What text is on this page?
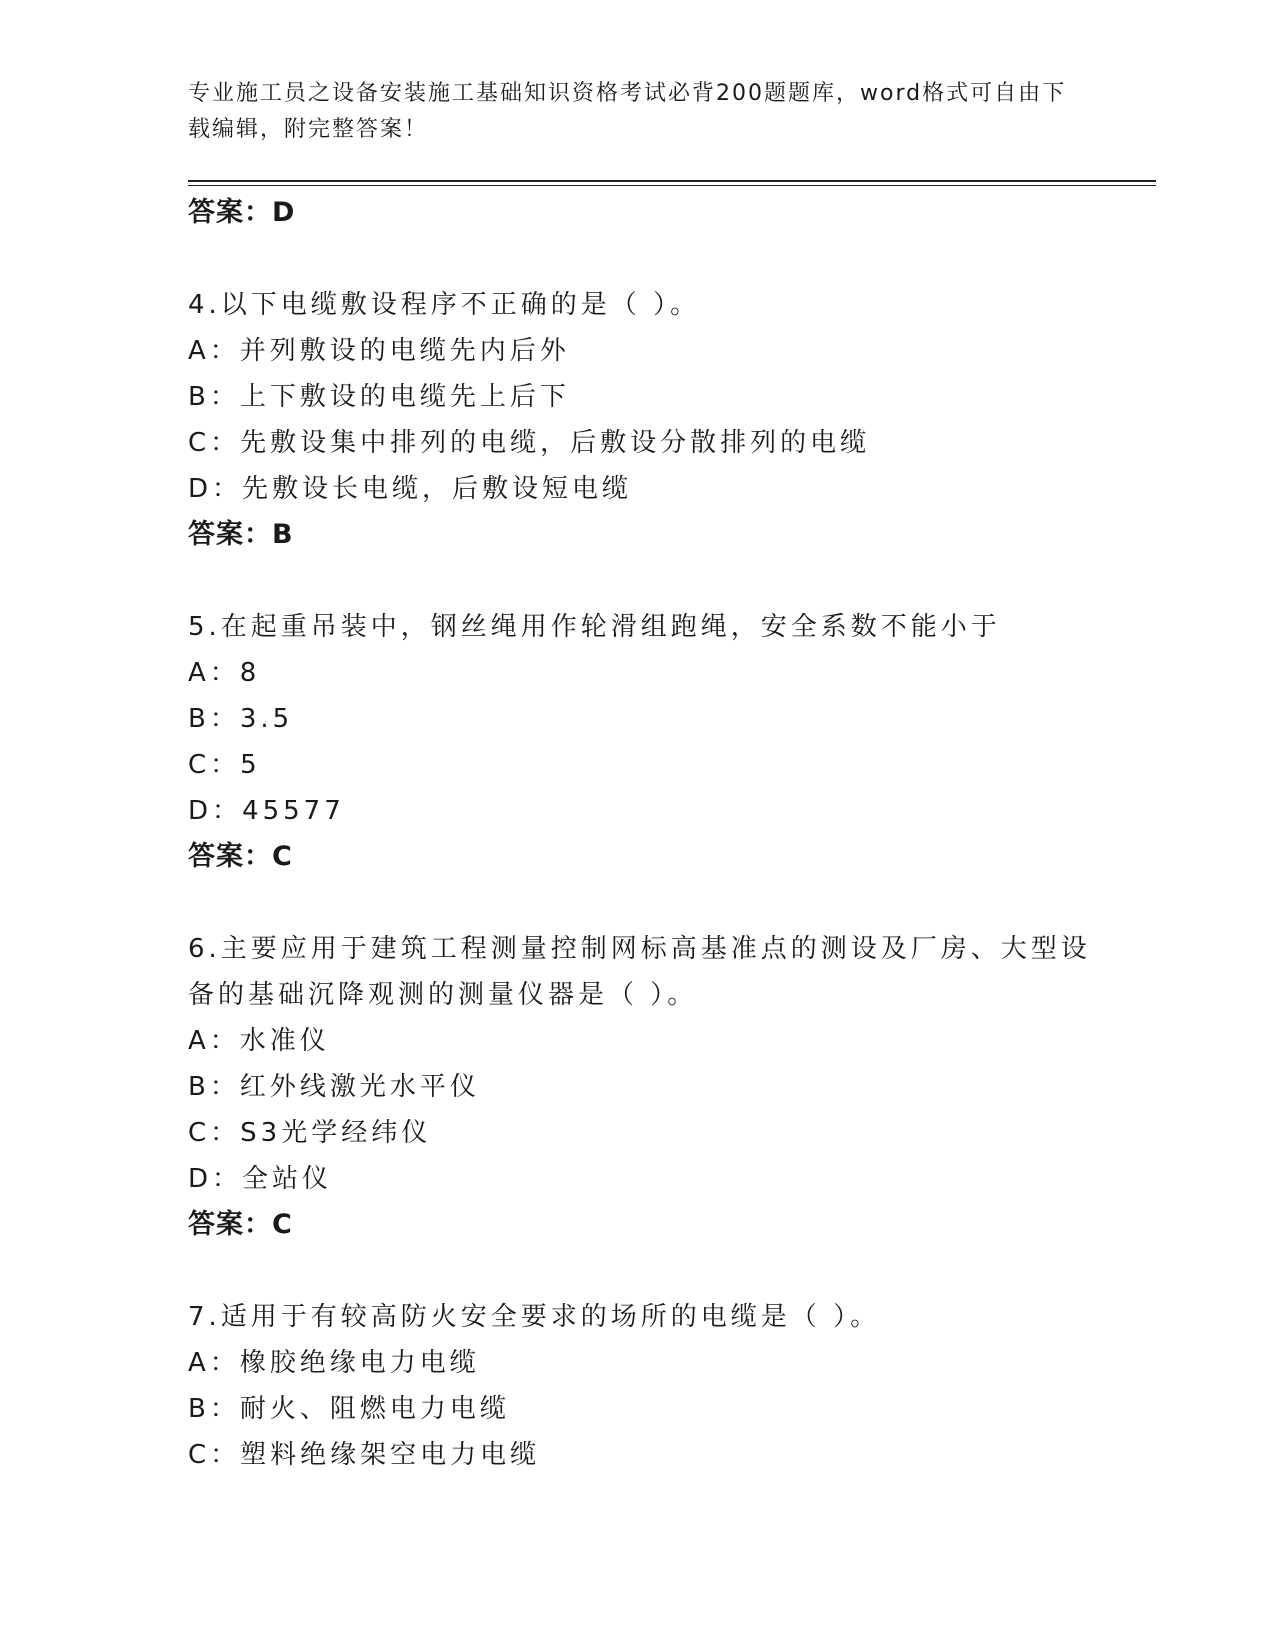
专业施工员之设备安装施工基础知识资格考试必背200题题库，word格式可自由下载编辑，附完整答案！
答案：D
4.以下电缆敷设程序不正确的是（ ）。
A：并列敷设的电缆先内后外
B：上下敷设的电缆先上后下
C：先敷设集中排列的电缆，后敷设分散排列的电缆
D：先敷设长电缆，后敷设短电缆
答案：B
5.在起重吊装中，钢丝绳用作轮滑组跑绳，安全系数不能小于
A：8
B：3.5
C：5
D：45577
答案：C
6.主要应用于建筑工程测量控制网标高基准点的测设及厂房、大型设
备的基础沉降观测的测量仪器是（ ）。
A：水准仪
B：红外线激光水平仪
C：S3光学经纬仪
D：全站仪
答案：C
7.适用于有较高防火安全要求的场所的电缆是（ ）。
A：橡胶绝缘电力电缆
B：耐火、阻燃电力电缆
C：塑料绝缘架空电力电缆
